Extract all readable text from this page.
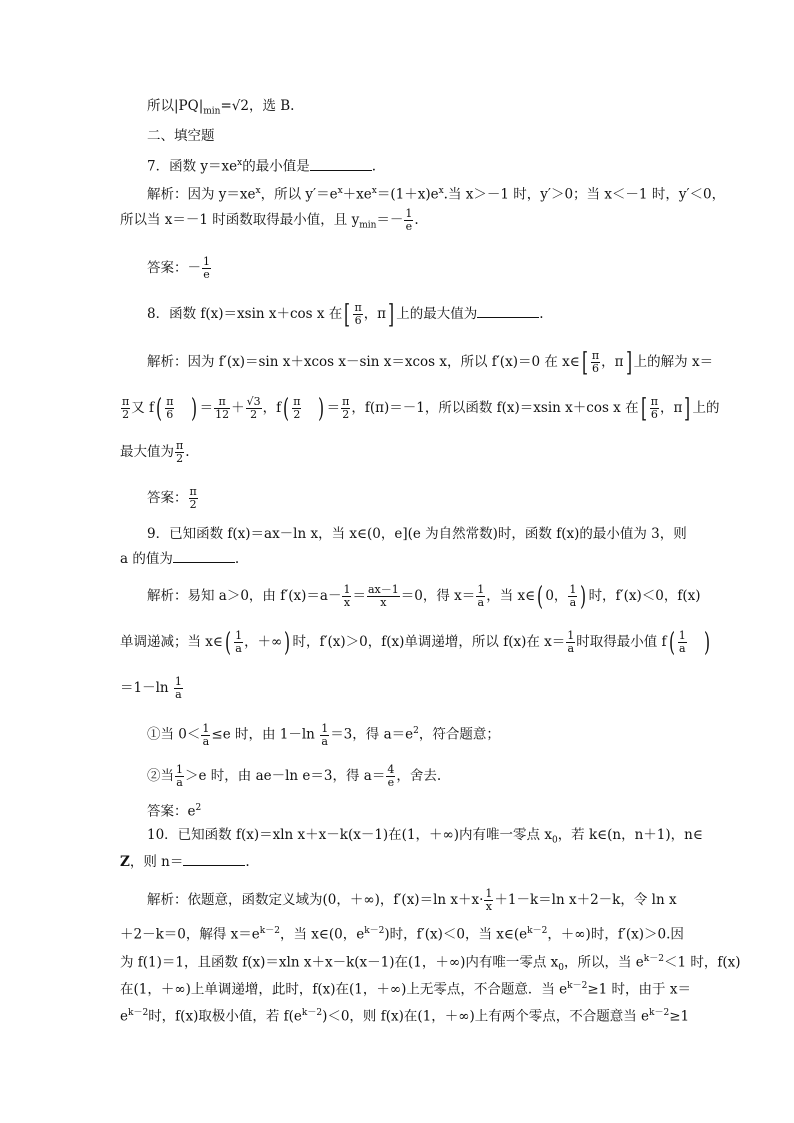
所以$|PQ|_{min}=√2$，选 B.
二、填空题
7．函数 $y=xe^x$的最小值是	.
解析：因为 $y=xe^x$，所以 $y'=e^x+xe^x=(1+x)e^x$.当 x＞－1 时，y′＞0；当 x＜－1 时，y′＜0，
所以当 x＝－1 时函数取得最小值，且 $y_{min}=- \frac{1}{e}$ .
答案：－ $\frac{1}{e}$
8．函数 f(x)＝xsin x＋cos x 在[ $\frac{\pi}{6}$ ，π] 上的最大值为	.
解析：因为 f′(x)＝sin x＋xcos x－sin x＝xcos x，所以 f′(x)＝0 在 x∈[ $\frac{\pi}{6}$ ，π] 上的解为 x＝
$\frac{\pi}{2}$ 又 $f( \frac{\pi}{6}$ ) ＝ $\frac{\pi}{12} + \frac{√3}{2}$ ，$f( \frac{\pi}{2}$ ) ＝ $\frac{\pi}{2}$ ，f(π)＝－1，所以函数 f(x)＝xsin x＋cos x 在[ $\frac{\pi}{6}$ ，π] 上的
最大值为 $\frac{\pi}{2}$ .
答案： $\frac{\pi}{2}$
9．已知函数 f(x)＝ax－ln x，当 x∈(0，e](e 为自然常数)时，函数 f(x)的最小值为 3，则
a 的值为	.
解析：易知 a＞0，由 $f'(x)=a- \frac{1}{x} = \frac{ax-1}{x} =0$，得 $x= \frac{1}{a}$ ，当 x∈( 0， $\frac{1}{a}$ ) 时，f′(x)＜0，f(x)
单调递减；当 x∈( $\frac{1}{a}$ ，＋∞) 时，f′(x)＞0，f(x)单调递增，所以 f(x)在 $x= \frac{1}{a}$ 时取得最小值 $f( \frac{1}{a}$ )
$=1-\ln \frac{1}{a}$
①当 $0< \frac{1}{a} \le e$ 时，由 $1-\ln \frac{1}{a} =3$，得 $a=e^2$，符合题意；
②当 $\frac{1}{a} >e$ 时，由 ae－ln e＝3，得 $a= \frac{4}{e}$ ，舍去.
答案：$e^2$
10．已知函数 f(x)＝xln x＋x－k(x－1)在(1，＋∞)内有唯一零点 $x_0$，若 k∈(n，n＋1)，n∈
Z，则 n＝	.
解析：依题意，函数定义域为(0，＋∞)，f′(x)＝ln $x+x\cdot \frac{1}{x} +1-k=\ln$ x＋2－k，令 ln x
＋2－k＝0，解得 $x=e^{k-2}$，当 x∈(0，$e^{k-2}$)时，f′(x)＜0，当 $x\in(e^{k-2}$，＋∞)时，f′(x)＞0.因
为 f(1)＝1，且函数 f(x)＝xln x＋x－k(x－1)在(1，＋∞)内有唯一零点 $x_0$，所以，当 $e^{k-2}<1$ 时，f(x)
在(1，＋∞)上单调递增，此时，f(x)在(1，＋∞)上无零点，不合题意．当 $e^{k-2}\ge 1$ 时，由于 x＝
$e^{k-2}$时，f(x)取极小值，若 $f(e^{k-2})<0$，则 f(x)在(1，＋∞)上有两个零点，不合题意当 $e^{k-2}\ge 1$
